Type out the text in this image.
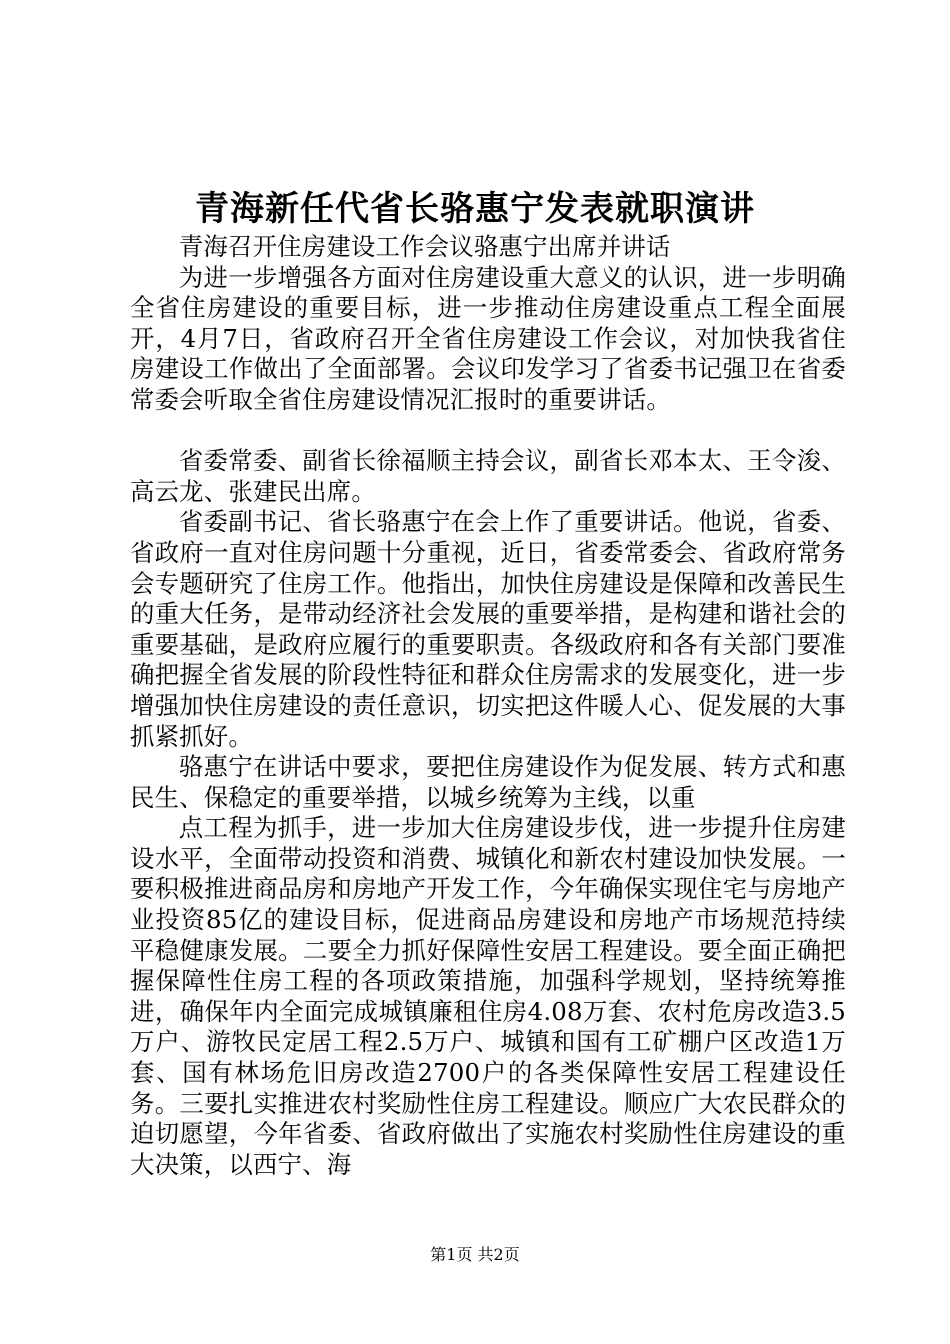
青海新任代省长骆惠宁发表就职演讲

青海召开住房建设工作会议骆惠宁出席并讲话

为进一步增强各方面对住房建设重大意义的认识，进一步明确全省住房建设的重要目标，进一步推动住房建设重点工程全面展开，4月7日，省政府召开全省住房建设工作会议，对加快我省住房建设工作做出了全面部署。会议印发学习了省委书记强卫在省委常委会听取全省住房建设情况汇报时的重要讲话。

省委常委、副省长徐福顺主持会议，副省长邓本太、王令浚、高云龙、张建民出席。

省委副书记、省长骆惠宁在会上作了重要讲话。他说，省委、省政府一直对住房问题十分重视，近日，省委常委会、省政府常务会专题研究了住房工作。他指出，加快住房建设是保障和改善民生的重大任务，是带动经济社会发展的重要举措，是构建和谐社会的重要基础，是政府应履行的重要职责。各级政府和各有关部门要准确把握全省发展的阶段性特征和群众住房需求的发展变化，进一步增强加快住房建设的责任意识，切实把这件暖人心、促发展的大事抓紧抓好。

骆惠宁在讲话中要求，要把住房建设作为促发展、转方式和惠民生、保稳定的重要举措，以城乡统筹为主线，以重

点工程为抓手，进一步加大住房建设步伐，进一步提升住房建设水平，全面带动投资和消费、城镇化和新农村建设加快发展。一要积极推进商品房和房地产开发工作，今年确保实现住宅与房地产业投资85亿的建设目标，促进商品房建设和房地产市场规范持续平稳健康发展。二要全力抓好保障性安居工程建设。要全面正确把握保障性住房工程的各项政策措施，加强科学规划，坚持统筹推进，确保年内全面完成城镇廉租住房4.08万套、农村危房改造3.5万户、游牧民定居工程2.5万户、城镇和国有工矿棚户区改造1万套、国有林场危旧房改造2700户的各类保障性安居工程建设任务。三要扎实推进农村奖励性住房工程建设。顺应广大农民群众的迫切愿望，今年省委、省政府做出了实施农村奖励性住房建设的重大决策，以西宁、海

第1页 共2页
